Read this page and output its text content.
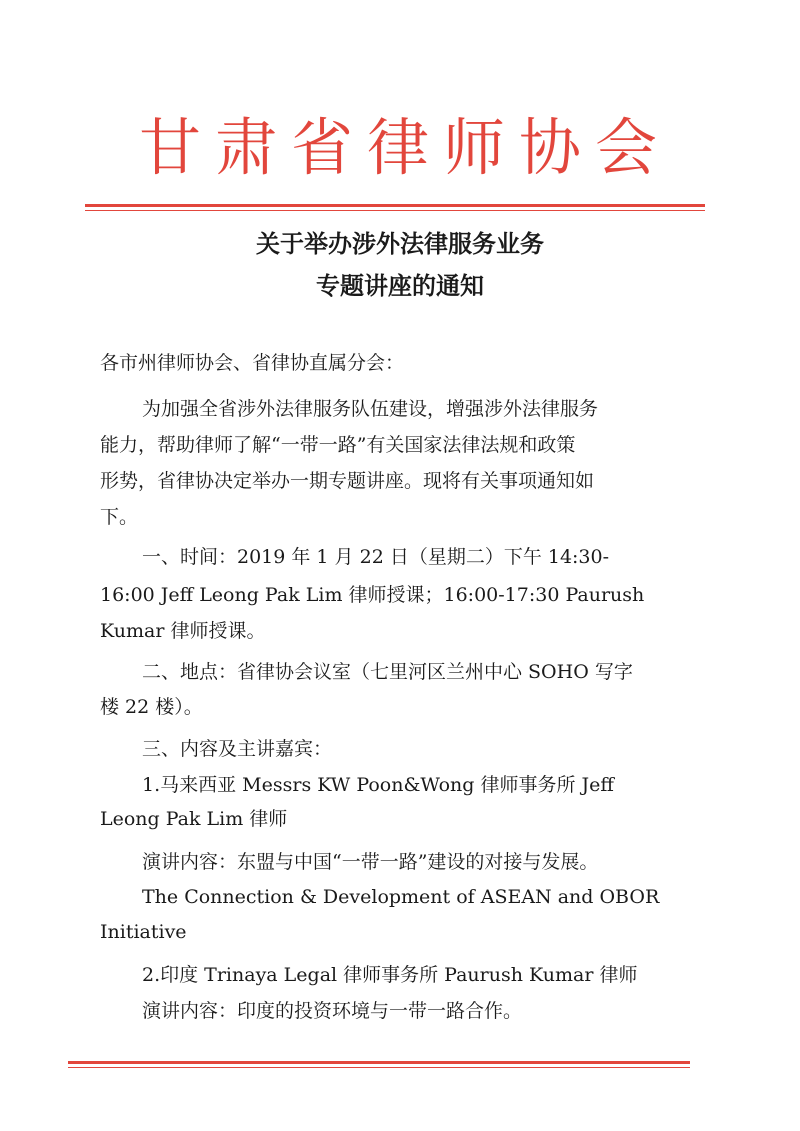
甘肃省律师协会
关于举办涉外法律服务业务
专题讲座的通知
各市州律师协会、省律协直属分会：
为加强全省涉外法律服务队伍建设，增强涉外法律服务
能力，帮助律师了解“一带一路”有关国家法律法规和政策
形势，省律协决定举办一期专题讲座。现将有关事项通知如
下。
一、时间：2019 年 1 月 22 日（星期二）下午 14:30-
16:00 Jeff Leong Pak Lim 律师授课；16:00-17:30 Paurush
Kumar 律师授课。
二、地点：省律协会议室（七里河区兰州中心 SOHO 写字
楼 22 楼）。
三、内容及主讲嘉宾：
1.马来西亚 Messrs KW Poon&Wong 律师事务所 Jeff
Leong Pak Lim 律师
演讲内容：东盟与中国“一带一路”建设的对接与发展。
The Connection & Development of ASEAN and OBOR
Initiative
2.印度 Trinaya Legal 律师事务所 Paurush Kumar 律师
演讲内容：印度的投资环境与一带一路合作。
